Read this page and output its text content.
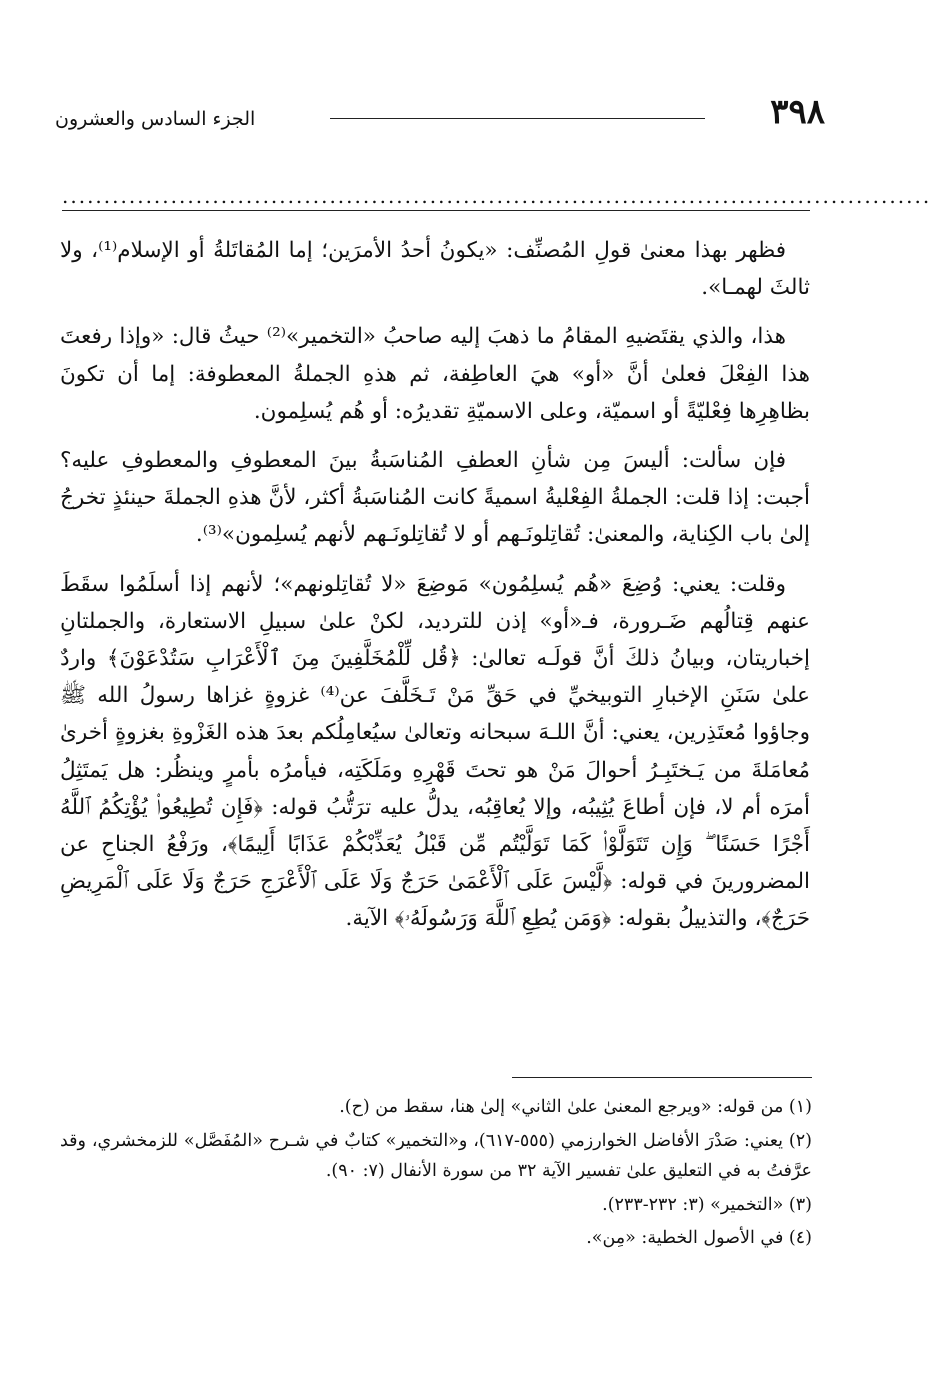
٣٩٨
الجزء السادس والعشرون
........................................................................................................

فظهر بهذا معنىٰ قولِ المُصنِّف: «يكونُ أحدُ الأمرَين؛ إما المُقاتَلةُ أو الإسلام⁽¹⁾، ولا ثالثَ لهمـا».

هذا، والذي يقتَضيهِ المقامُ ما ذهبَ إليه صاحبُ «التخمير»⁽²⁾ حيثُ قال: «وإذا رفعتَ هذا الفِعْلَ فعلىٰ أنَّ «أو» هيَ العاطِفة، ثم هذهِ الجملةُ المعطوفة: إما أن تكونَ بظاهِرِها فِعْليّةً أو اسميّة، وعلى الاسميّةِ تقديرُه: أو هُم يُسلِمون.

فإن سألت: أليسَ مِن شأنِ العطفِ المُناسَبةُ بينَ المعطوفِ والمعطوفِ عليه؟ أجبت: إذا قلت: الجملةُ الفِعْليةُ اسميةً كانت المُناسَبةُ أكثر، لأنَّ هذهِ الجملةَ حينئذٍ تخرجُ إلىٰ باب الكِناية، والمعنىٰ: تُقاتِلونَـهم أو لا تُقاتِلونَـهم لأنهم يُسلِمون»⁽³⁾.

وقلت: يعني: وُضِعَ «هُم يُسلِمُون» مَوضِعَ «لا تُقاتِلونهم»؛ لأنهم إذا أسلَمُوا سقَطَ عنهم قِتالُهم ضَـرورة، فـ«أو» إذن للترديد، لكنْ علىٰ سبيلِ الاستعارة، والجملتانِ إخباريتان، وبيانُ ذلكَ أنَّ قولَـه تعالىٰ: ﴿قُل لِّلْمُخَلَّفِينَ مِنَ ٱلْأَعْرَابِ سَتُدْعَوْنَ﴾ واردٌ علىٰ سَنَنِ الإخبارِ التوبيخيِّ في حَقِّ مَنْ تَـخَلَّفَ عن⁽⁴⁾ غزوةٍ غزاها رسولُ الله ﷺ وجاؤوا مُعتَذِرين، يعني: أنَّ اللـهَ سبحانه وتعالىٰ سيُعامِلُكم بعدَ هذه الغَزْوةِ بغزوةٍ أخرىٰ مُعامَلةَ من يَـختَبِـرُ أحوالَ مَنْ هو تحتَ قَهْرِهِ ومَلَكَتِه، فيأمرُه بأمرٍ وينظُر: هل يَمتَثِلُ أمرَه أم لا، فإن أطاعَ يُثِيبُه، وإلا يُعاقِبُه، يدلُّ عليه ترَتُّبُ قوله: ﴿فَإِن تُطِيعُوا۟ يُؤْتِكُمُ ٱللَّهُ أَجْرًا حَسَنًا ۖ وَإِن تَتَوَلَّوْا۟ كَمَا تَوَلَّيْتُم مِّن قَبْلُ يُعَذِّبْكُمْ عَذَابًا أَلِيمًا﴾، ورَفْعُ الجناحِ عن المضرورينَ في قوله: ﴿لَّيْسَ عَلَى ٱلْأَعْمَىٰ حَرَجٌ وَلَا عَلَى ٱلْأَعْرَجِ حَرَجٌ وَلَا عَلَى ٱلْمَرِيضِ حَرَجٌ﴾، والتذييلُ بقوله: ﴿وَمَن يُطِعِ ٱللَّهَ وَرَسُولَهُۥ﴾ الآية.

(١) من قوله: «ويرجع المعنىٰ علىٰ الثاني» إلىٰ هنا، سقط من (ح).

(٢) يعني: صَدْرَ الأفاضل الخوارزمي (٥٥٥-٦١٧)، و«التخمير» كتابٌ في شـرح «المُفَصَّل» للزمخشري، وقد عرَّفتُ به في التعليق علىٰ تفسير الآية ٣٢ من سورة الأنفال (٧: ٩٠).

(٣) «التخمير» (٣: ٢٣٢-٢٣٣).

(٤) في الأصول الخطية: «مِن».
